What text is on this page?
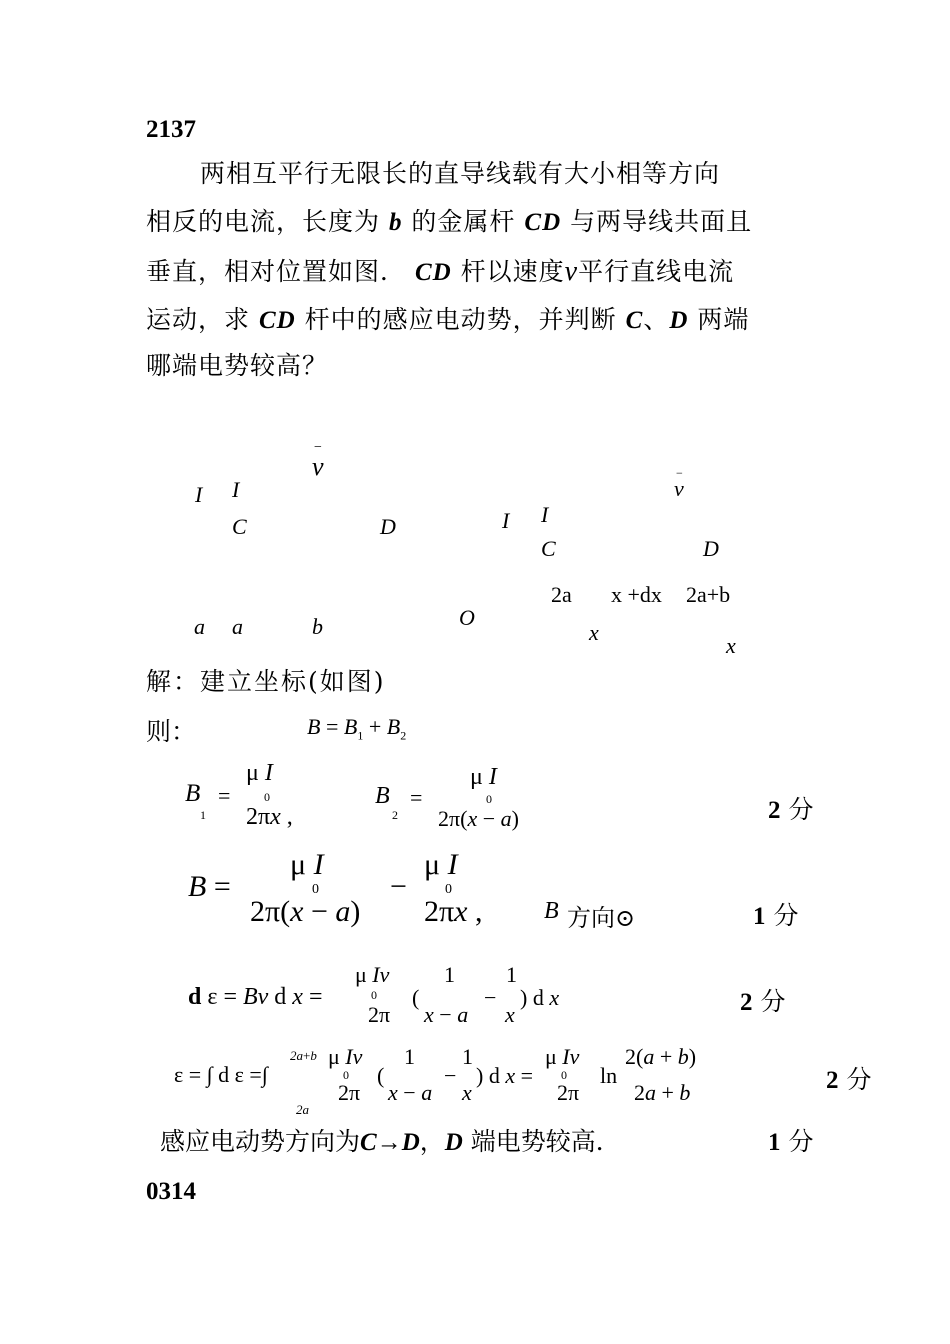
2137
两相互平行无限长的直导线载有大小相等方向
相反的电流，长度为 b 的金属杆 CD 与两导线共面且
垂直，相对位置如图． CD 杆以速度v平行直线电流
运动，求 CD 杆中的感应电动势，并判断 C、D 两端
哪端电势较高？
I I
C	D
−
v
a a	b
I I
C	D
−
v
2a x +dx 2a+b
x
O
x
解：建立坐标(如图)
则：	$B = B_1 + B_2$
B
1
=
μ I
0
2πx ,
B
2
=
μ I
0
2π(x − a)	2 分
B =
μ I
0
2π(x − a)
−
μ I
0
2πx ,	B 方向⊙	1 分
d ε = Bv d x =
μ Iv
0
2π
(
1
x − a
−
1
x
) d x	2 分
ε = ∫ d ε =∫
2a+b
2a
μ Iv
0
2π
(
1
x − a
−
1
x
) d x =
μ Iv
0
2π
ln
2(a + b)
2a + b	2 分
感应电动势方向为C→D，D 端电势较高．	1 分
0314
